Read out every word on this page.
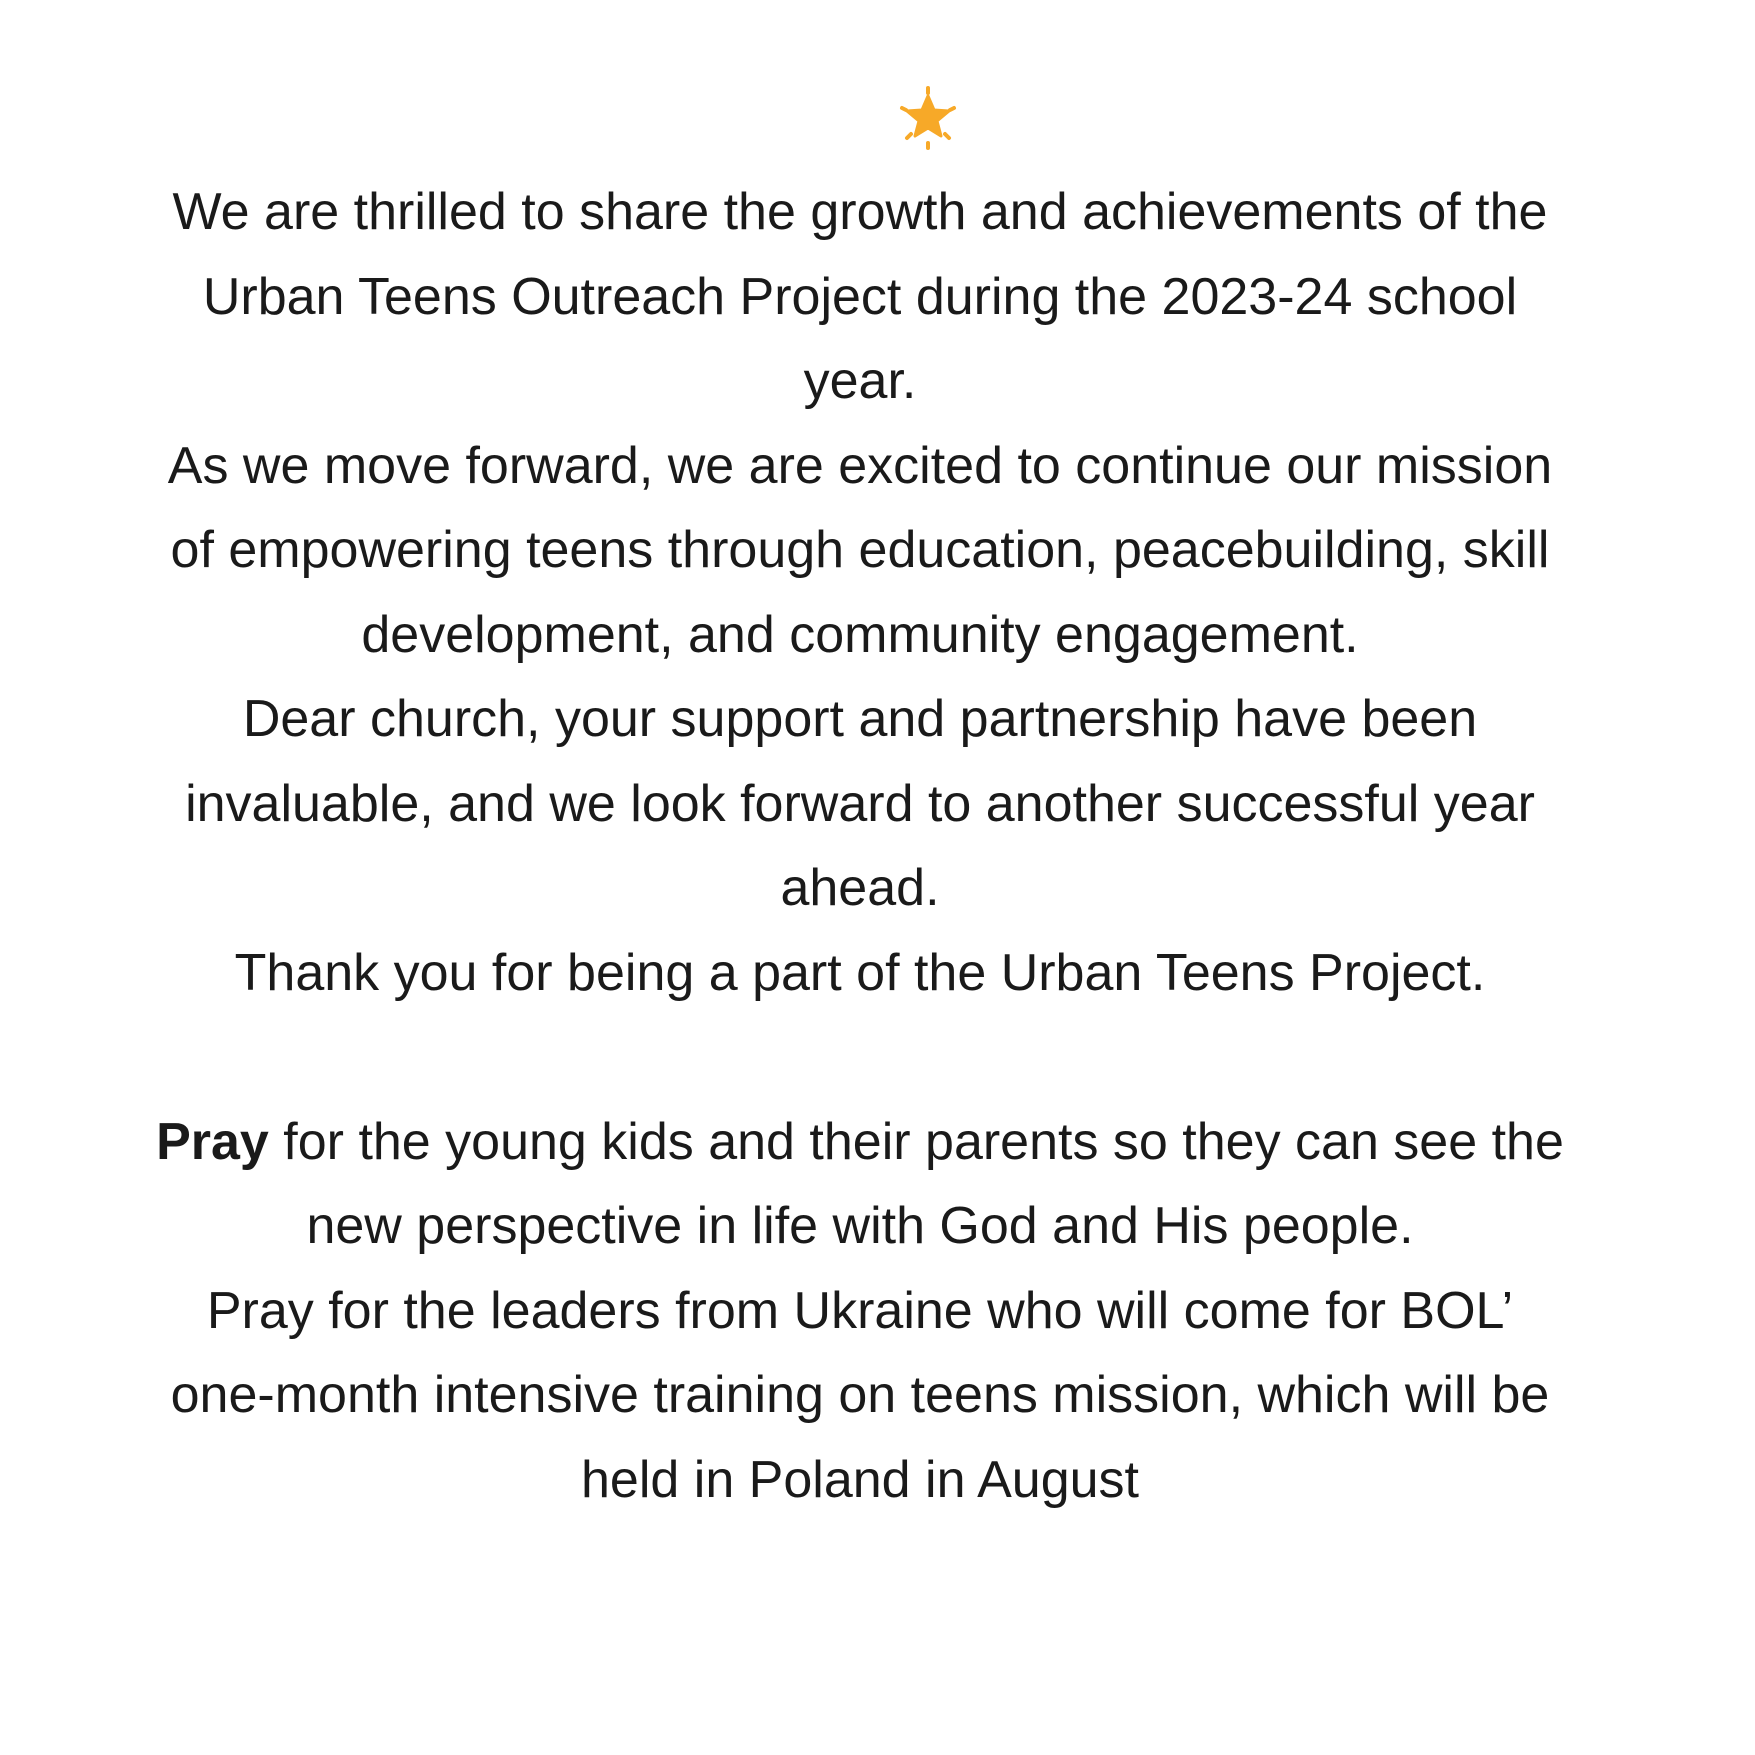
We are thrilled to share the growth and achievements of the Urban Teens Outreach Project during the 2023-24 school year.

As we move forward, we are excited to continue our mission of empowering teens through education, peacebuilding, skill development, and community engagement.

Dear church, your support and partnership have been invaluable, and we look forward to another successful year ahead.

Thank you for being a part of the Urban Teens Project.

Pray for the young kids and their parents so they can see the new perspective in life with God and His people.

Pray for the leaders from Ukraine who will come for BOL’ one-month intensive training on teens mission, which will be held in Poland in August
